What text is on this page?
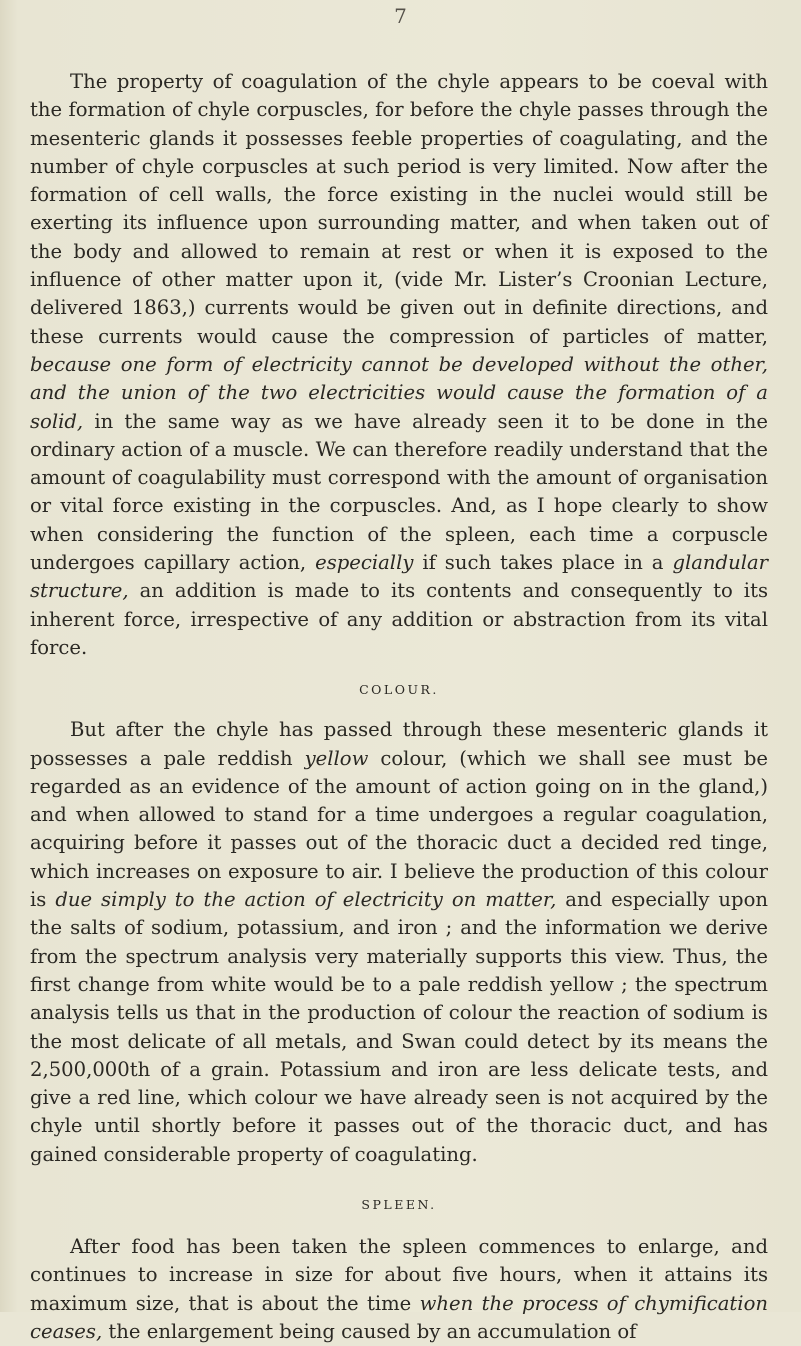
7

The property of coagulation of the chyle appears to be coeval with the formation of chyle corpuscles, for before the chyle passes through the mesenteric glands it possesses feeble properties of coagulating, and the number of chyle corpuscles at such period is very limited. Now after the formation of cell walls, the force existing in the nuclei would still be exerting its influence upon surrounding matter, and when taken out of the body and allowed to remain at rest or when it is exposed to the influence of other matter upon it, (vide Mr. Lister’s Croonian Lecture, delivered 1863,) currents would be given out in definite directions, and these currents would cause the compression of particles of matter, because one form of electricity cannot be developed without the other, and the union of the two electricities would cause the formation of a solid, in the same way as we have already seen it to be done in the ordinary action of a muscle. We can therefore readily understand that the amount of coagulability must correspond with the amount of organisation or vital force existing in the corpuscles. And, as I hope clearly to show when considering the function of the spleen, each time a corpuscle undergoes capillary action, especially if such takes place in a glandular structure, an addition is made to its contents and consequently to its inherent force, irrespective of any addition or abstraction from its vital force.

COLOUR.

But after the chyle has passed through these mesenteric glands it possesses a pale reddish yellow colour, (which we shall see must be regarded as an evidence of the amount of action going on in the gland,) and when allowed to stand for a time undergoes a regular coagulation, acquiring before it passes out of the thoracic duct a decided red tinge, which increases on exposure to air. I believe the production of this colour is due simply to the action of electricity on matter, and especially upon the salts of sodium, potassium, and iron ; and the information we derive from the spectrum analysis very materially supports this view. Thus, the first change from white would be to a pale reddish yellow ; the spectrum analysis tells us that in the production of colour the reaction of sodium is the most delicate of all metals, and Swan could detect by its means the 2,500,000th of a grain. Potassium and iron are less delicate tests, and give a red line, which colour we have already seen is not acquired by the chyle until shortly before it passes out of the thoracic duct, and has gained considerable property of coagulating.

SPLEEN.

After food has been taken the spleen commences to enlarge, and continues to increase in size for about five hours, when it attains its maximum size, that is about the time when the process of chymification ceases, the enlargement being caused by an accumulation of
